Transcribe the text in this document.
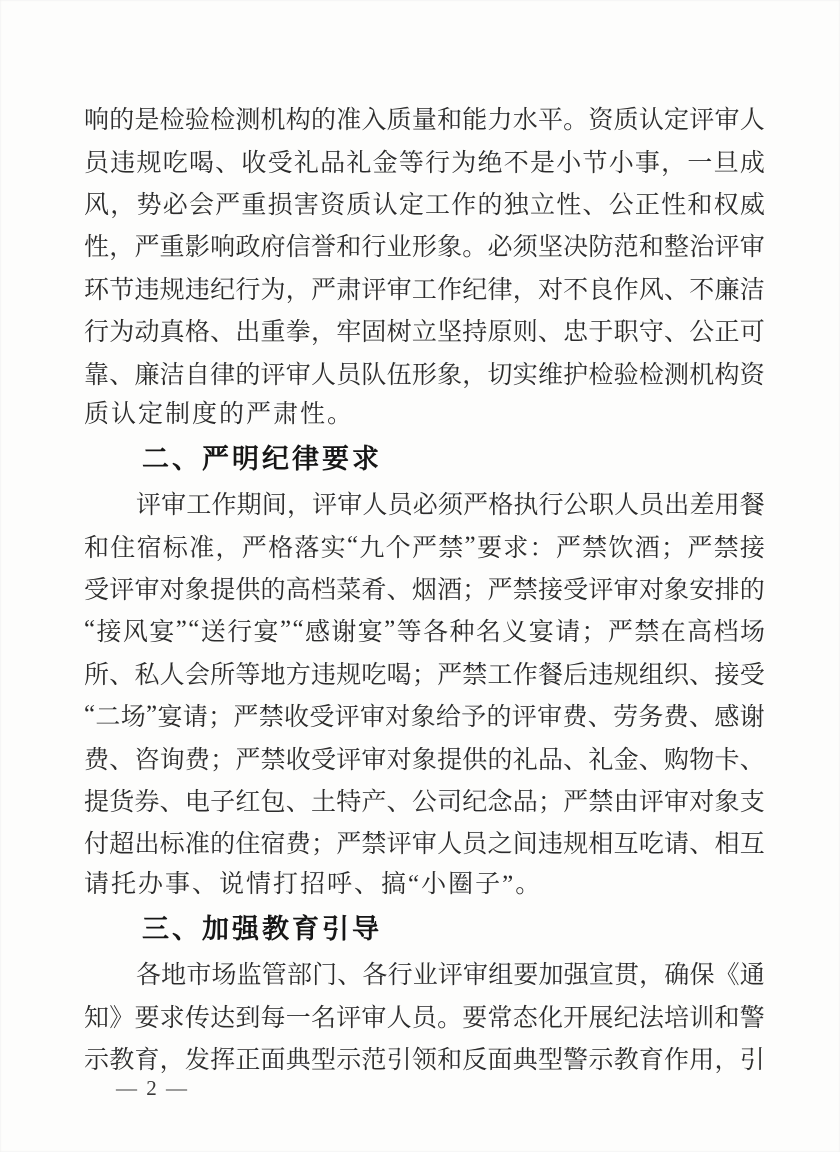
响 的 是 检 验 检 测 机 构 的 准 入 质 量 和 能 力 水 平 。 资 质 认 定 评 审 人
员 违 规 吃 喝 、 收 受 礼 品 礼 金 等 行 为 绝 不 是 小 节 小 事 ， 一 旦 成
风 ， 势 必 会 严 重 损 害 资 质 认 定 工 作 的 独 立 性 、 公 正 性 和 权 威
性 ， 严 重 影 响 政 府 信 誉 和 行 业 形 象 。 必 须 坚 决 防 范 和 整 治 评 审
环 节 违 规 违 纪 行 为 ， 严 肃 评 审 工 作 纪 律 ， 对 不 良 作 风 、 不 廉 洁
行 为 动 真 格 、 出 重 拳 ， 牢 固 树 立 坚 持 原 则 、 忠 于 职 守 、 公 正 可
靠 、 廉 洁 自 律 的 评 审 人 员 队 伍 形 象 ， 切 实 维 护 检 验 检 测 机 构 资
质认定制度的严肃性。
二、严明纪律要求
评 审 工 作 期 间 ， 评 审 人 员 必 须 严 格 执 行 公 职 人 员 出 差 用 餐
和 住 宿 标 准 ， 严 格 落 实 “ 九 个 严 禁 ” 要 求 ： 严 禁 饮 酒 ； 严 禁 接
受 评 审 对 象 提 供 的 高 档 菜 肴 、 烟 酒 ； 严 禁 接 受 评 审 对 象 安 排 的
“ 接 风 宴 ” “ 送 行 宴 ” “ 感 谢 宴 ” 等 各 种 名 义 宴 请 ； 严 禁 在 高 档 场
所 、 私 人 会 所 等 地 方 违 规 吃 喝 ； 严 禁 工 作 餐 后 违 规 组 织 、 接 受
“ 二 场 ” 宴 请 ； 严 禁 收 受 评 审 对 象 给 予 的 评 审 费 、 劳 务 费 、 感 谢
费 、 咨 询 费 ； 严 禁 收 受 评 审 对 象 提 供 的 礼 品 、 礼 金 、 购 物 卡 、
提 货 券 、 电 子 红 包 、 土 特 产 、 公 司 纪 念 品 ； 严 禁 由 评 审 对 象 支
付 超 出 标 准 的 住 宿 费 ； 严 禁 评 审 人 员 之 间 违 规 相 互 吃 请 、 相 互
请托办事、说情打招呼、搞“小圈子”。
三、加强教育引导
各 地 市 场 监 管 部 门 、 各 行 业 评 审 组 要 加 强 宣 贯 ， 确 保 《 通
知 》 要 求 传 达 到 每 一 名 评 审 人 员 。 要 常 态 化 开 展 纪 法 培 训 和 警
示 教 育 ， 发 挥 正 面 典 型 示 范 引 领 和 反 面 典 型 警 示 教 育 作 用 ， 引
— 2 —
